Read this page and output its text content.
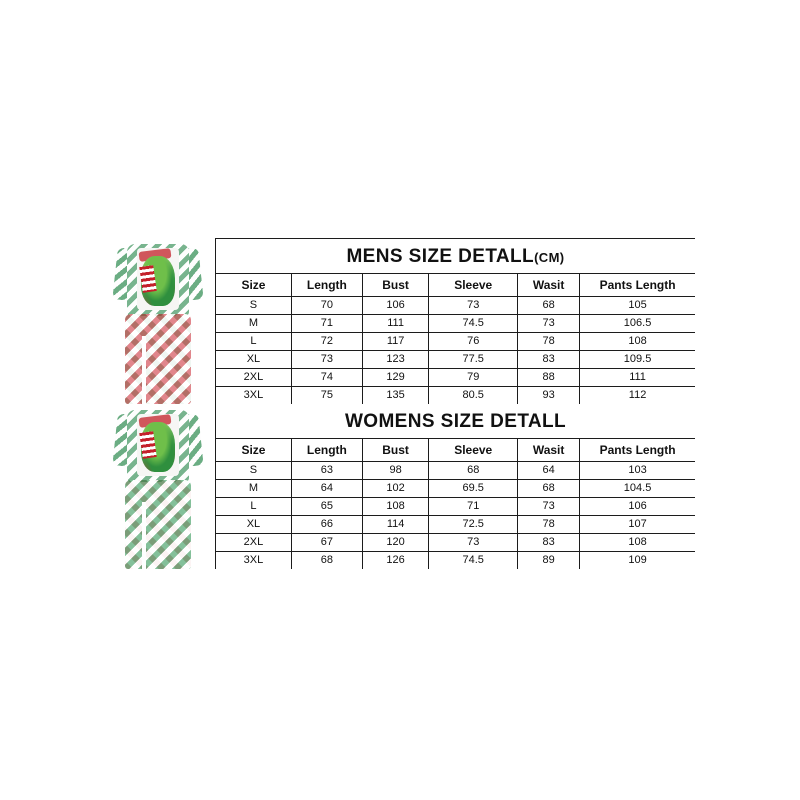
MENS SIZE DETALL(CM)
Size	Length	Bust	Sleeve	Wasit	Pants Length
S	70	106	73	68	105
M	71	111	74.5	73	106.5
L	72	117	76	78	108
XL	73	123	77.5	83	109.5
2XL	74	129	79	88	111
3XL	75	135	80.5	93	112
WOMENS SIZE DETALL
Size	Length	Bust	Sleeve	Wasit	Pants Length
S	63	98	68	64	103
M	64	102	69.5	68	104.5
L	65	108	71	73	106
XL	66	114	72.5	78	107
2XL	67	120	73	83	108
3XL	68	126	74.5	89	109
